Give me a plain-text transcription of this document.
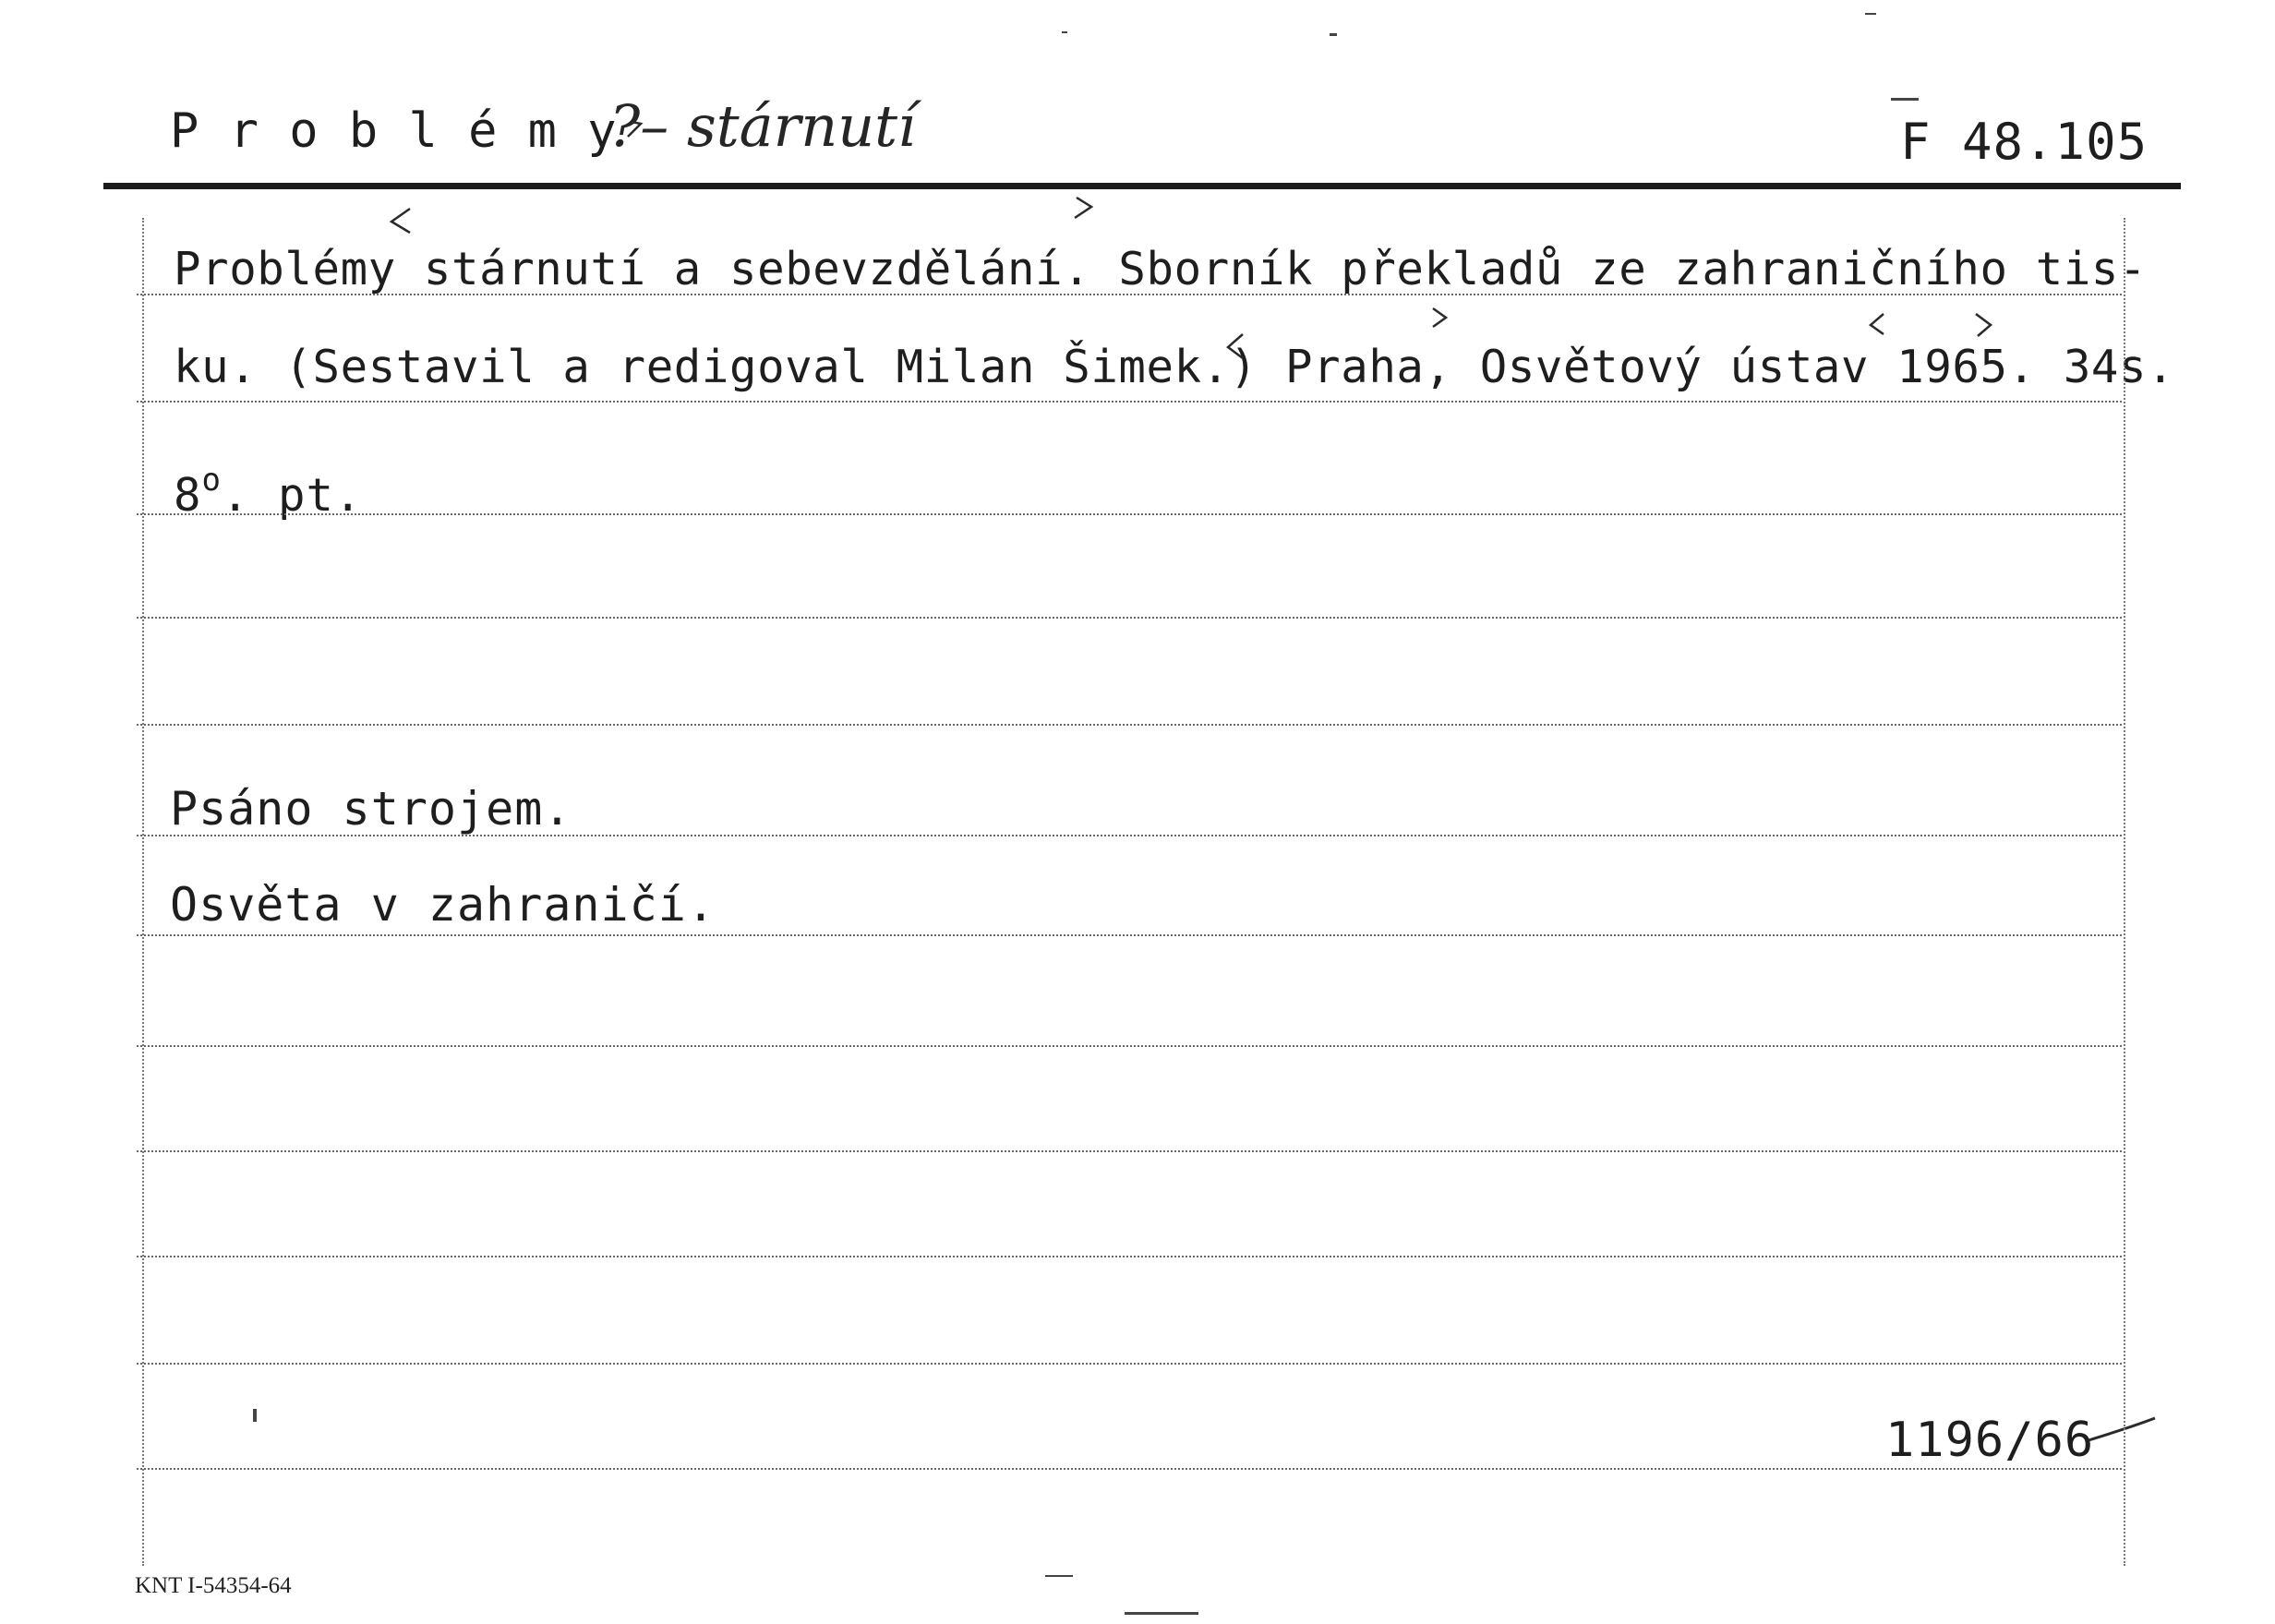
P r o b l é m y
?– stárnutí	F 48.105
Problémy stárnutí a sebevzdělání. Sborník překladů ze zahraničního tis-
ku. (Sestavil a redigoval Milan Šimek.) Praha, Osvětový ústav 1965. 34s.
8$^o$. pt.
Psáno strojem.
Osvěta v zahraničí.
1196/66
KNT I-54354-64
